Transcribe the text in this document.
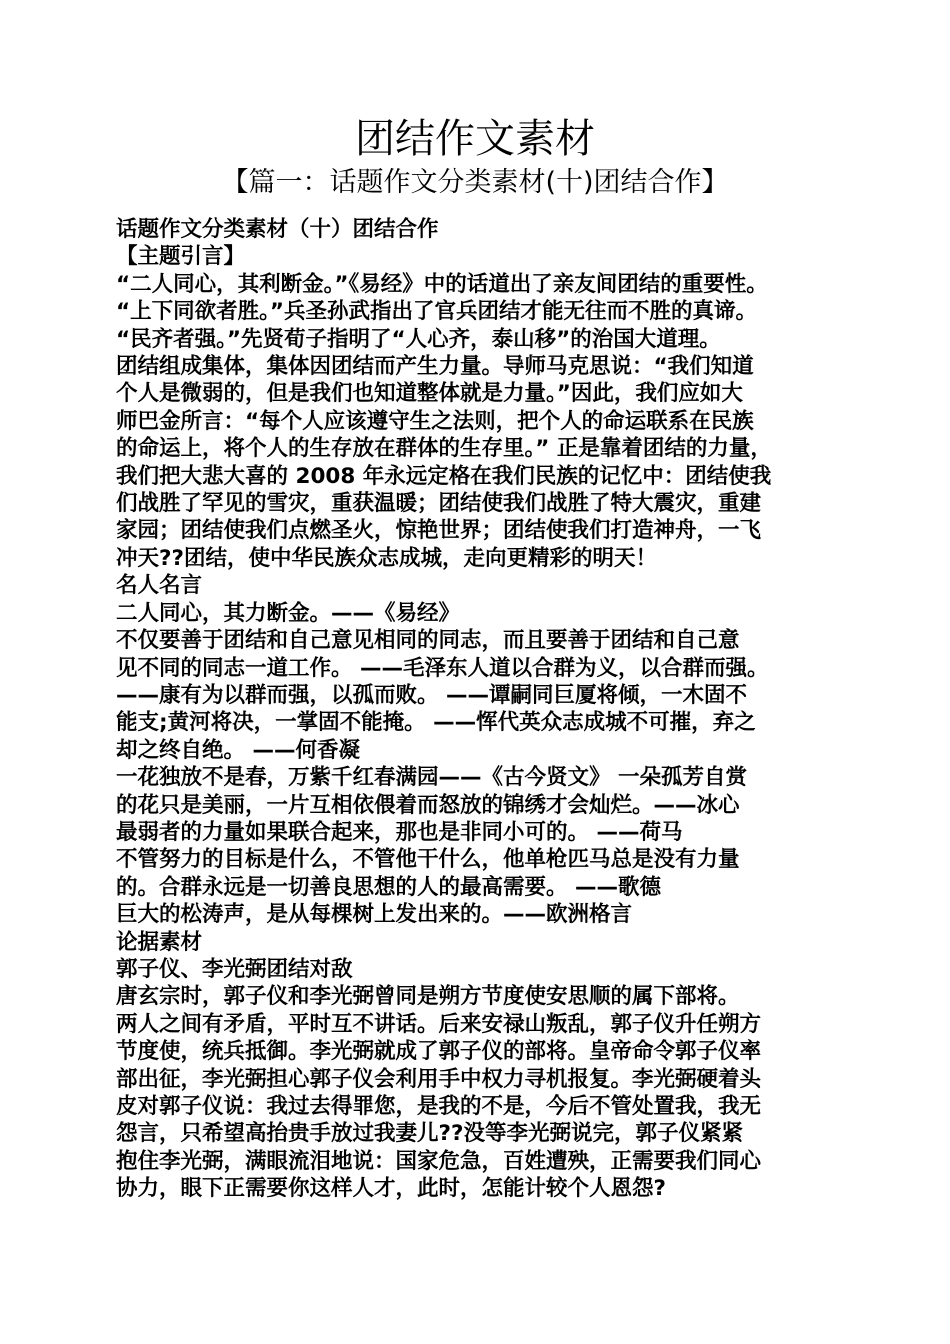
团结作文素材
【篇一：话题作文分类素材(十)团结合作】
话题作文分类素材（十）团结合作
【主题引言】
“二人同心，其利断金。”《易经》中的话道出了亲友间团结的重要性。
“上下同欲者胜。”兵圣孙武指出了官兵团结才能无往而不胜的真谛。
“民齐者强。”先贤荀子指明了“人心齐，泰山移”的治国大道理。
团结组成集体，集体因团结而产生力量。导师马克思说：“我们知道
个人是微弱的，但是我们也知道整体就是力量。”因此，我们应如大
师巴金所言：“每个人应该遵守生之法则，把个人的命运联系在民族
的命运上，将个人的生存放在群体的生存里。” 正是靠着团结的力量，
我们把大悲大喜的 2008 年永远定格在我们民族的记忆中：团结使我
们战胜了罕见的雪灾，重获温暖；团结使我们战胜了特大震灾，重建
家园；团结使我们点燃圣火，惊艳世界；团结使我们打造神舟，一飞
冲天??团结，使中华民族众志成城，走向更精彩的明天！
名人名言
二人同心，其力断金。——《易经》
不仅要善于团结和自己意见相同的同志，而且要善于团结和自己意
见不同的同志一道工作。 ——毛泽东人道以合群为义，以合群而强。
——康有为以群而强，以孤而败。 ——谭嗣同巨厦将倾，一木固不
能支;黄河将决，一掌固不能掩。 ——恽代英众志成城不可摧，弃之
却之终自绝。 ——何香凝
一花独放不是春，万紫千红春满园——《古今贤文》 一朵孤芳自赏
的花只是美丽，一片互相依偎着而怒放的锦绣才会灿烂。——冰心
最弱者的力量如果联合起来，那也是非同小可的。 ——荷马
不管努力的目标是什么，不管他干什么，他单枪匹马总是没有力量
的。合群永远是一切善良思想的人的最高需要。 ——歌德
巨大的松涛声，是从每棵树上发出来的。——欧洲格言
论据素材
郭子仪、李光弼团结对敌
唐玄宗时，郭子仪和李光弼曾同是朔方节度使安思顺的属下部将。
两人之间有矛盾，平时互不讲话。后来安禄山叛乱，郭子仪升任朔方
节度使，统兵抵御。李光弼就成了郭子仪的部将。皇帝命令郭子仪率
部出征，李光弼担心郭子仪会利用手中权力寻机报复。李光弼硬着头
皮对郭子仪说：我过去得罪您，是我的不是，今后不管处置我，我无
怨言，只希望高抬贵手放过我妻儿??没等李光弼说完，郭子仪紧紧
抱住李光弼，满眼流泪地说：国家危急，百姓遭殃，正需要我们同心
协力，眼下正需要你这样人才，此时，怎能计较个人恩怨?
